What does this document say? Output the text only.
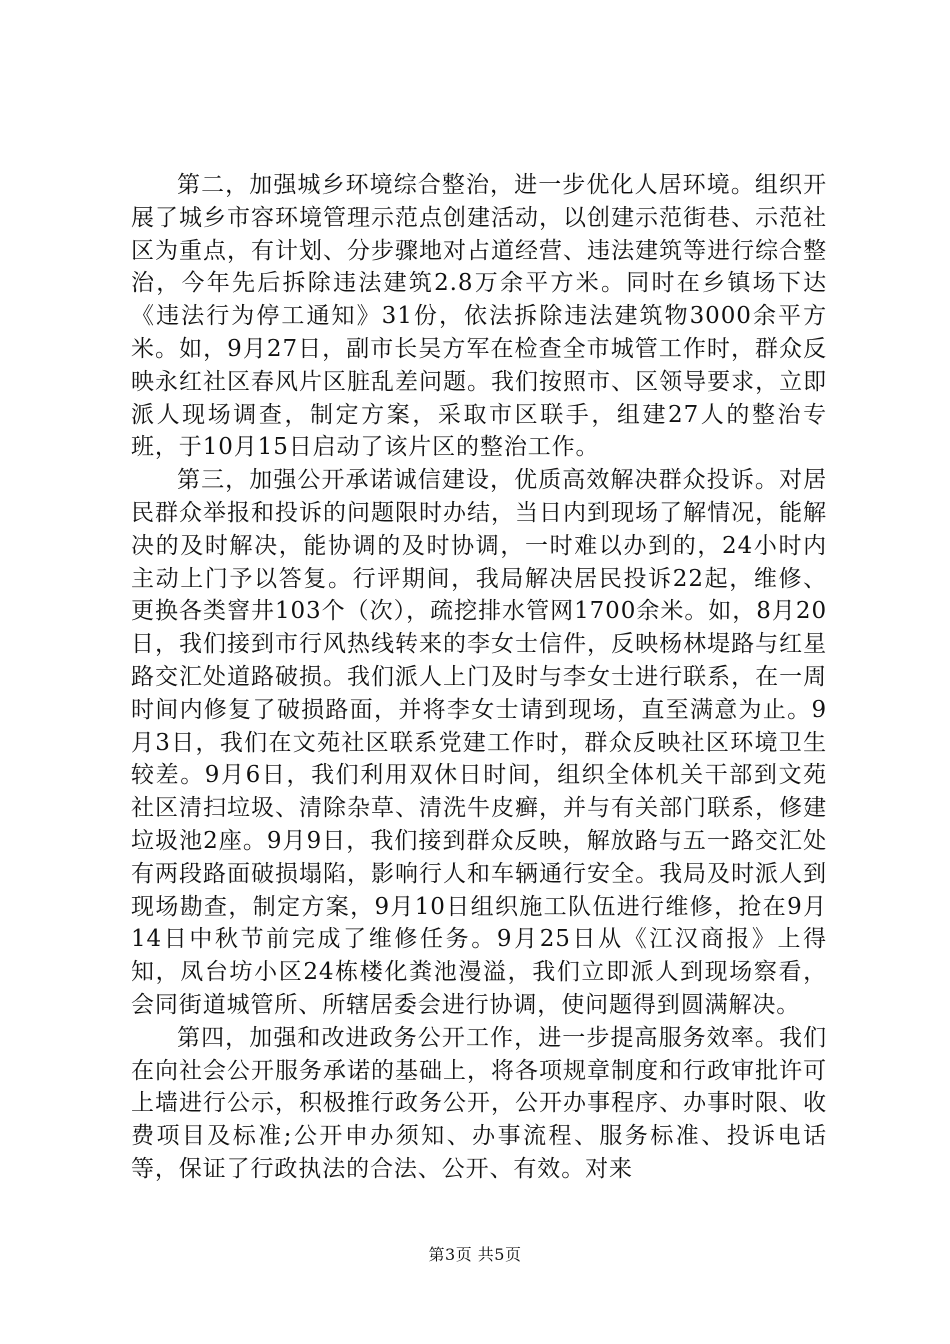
第二，加强城乡环境综合整治，进一步优化人居环境。组织开展了城乡市容环境管理示范点创建活动，以创建示范街巷、示范社区为重点，有计划、分步骤地对占道经营、违法建筑等进行综合整治，今年先后拆除违法建筑2.8万余平方米。同时在乡镇场下达《违法行为停工通知》31份，依法拆除违法建筑物3000余平方米。如，9月27日，副市长吴方军在检查全市城管工作时，群众反映永红社区春风片区脏乱差问题。我们按照市、区领导要求，立即派人现场调查，制定方案，采取市区联手，组建27人的整治专班，于10月15日启动了该片区的整治工作。

第三，加强公开承诺诚信建设，优质高效解决群众投诉。对居民群众举报和投诉的问题限时办结，当日内到现场了解情况，能解决的及时解决，能协调的及时协调，一时难以办到的，24小时内主动上门予以答复。行评期间，我局解决居民投诉22起，维修、更换各类窨井103个（次），疏挖排水管网1700余米。如，8月20日，我们接到市行风热线转来的李女士信件，反映杨林堤路与红星路交汇处道路破损。我们派人上门及时与李女士进行联系，在一周时间内修复了破损路面，并将李女士请到现场，直至满意为止。9月3日，我们在文苑社区联系党建工作时，群众反映社区环境卫生较差。9月6日，我们利用双休日时间，组织全体机关干部到文苑社区清扫垃圾、清除杂草、清洗牛皮癣，并与有关部门联系，修建垃圾池2座。9月9日，我们接到群众反映，解放路与五一路交汇处有两段路面破损塌陷，影响行人和车辆通行安全。我局及时派人到现场勘查，制定方案，9月10日组织施工队伍进行维修，抢在9月14日中秋节前完成了维修任务。9月25日从《江汉商报》上得知，凤台坊小区24栋楼化粪池漫溢，我们立即派人到现场察看，会同街道城管所、所辖居委会进行协调，使问题得到圆满解决。

第四，加强和改进政务公开工作，进一步提高服务效率。我们在向社会公开服务承诺的基础上，将各项规章制度和行政审批许可上墙进行公示，积极推行政务公开，公开办事程序、办事时限、收费项目及标准;公开申办须知、办事流程、服务标准、投诉电话等，保证了行政执法的合法、公开、有效。对来

第3页 共5页
